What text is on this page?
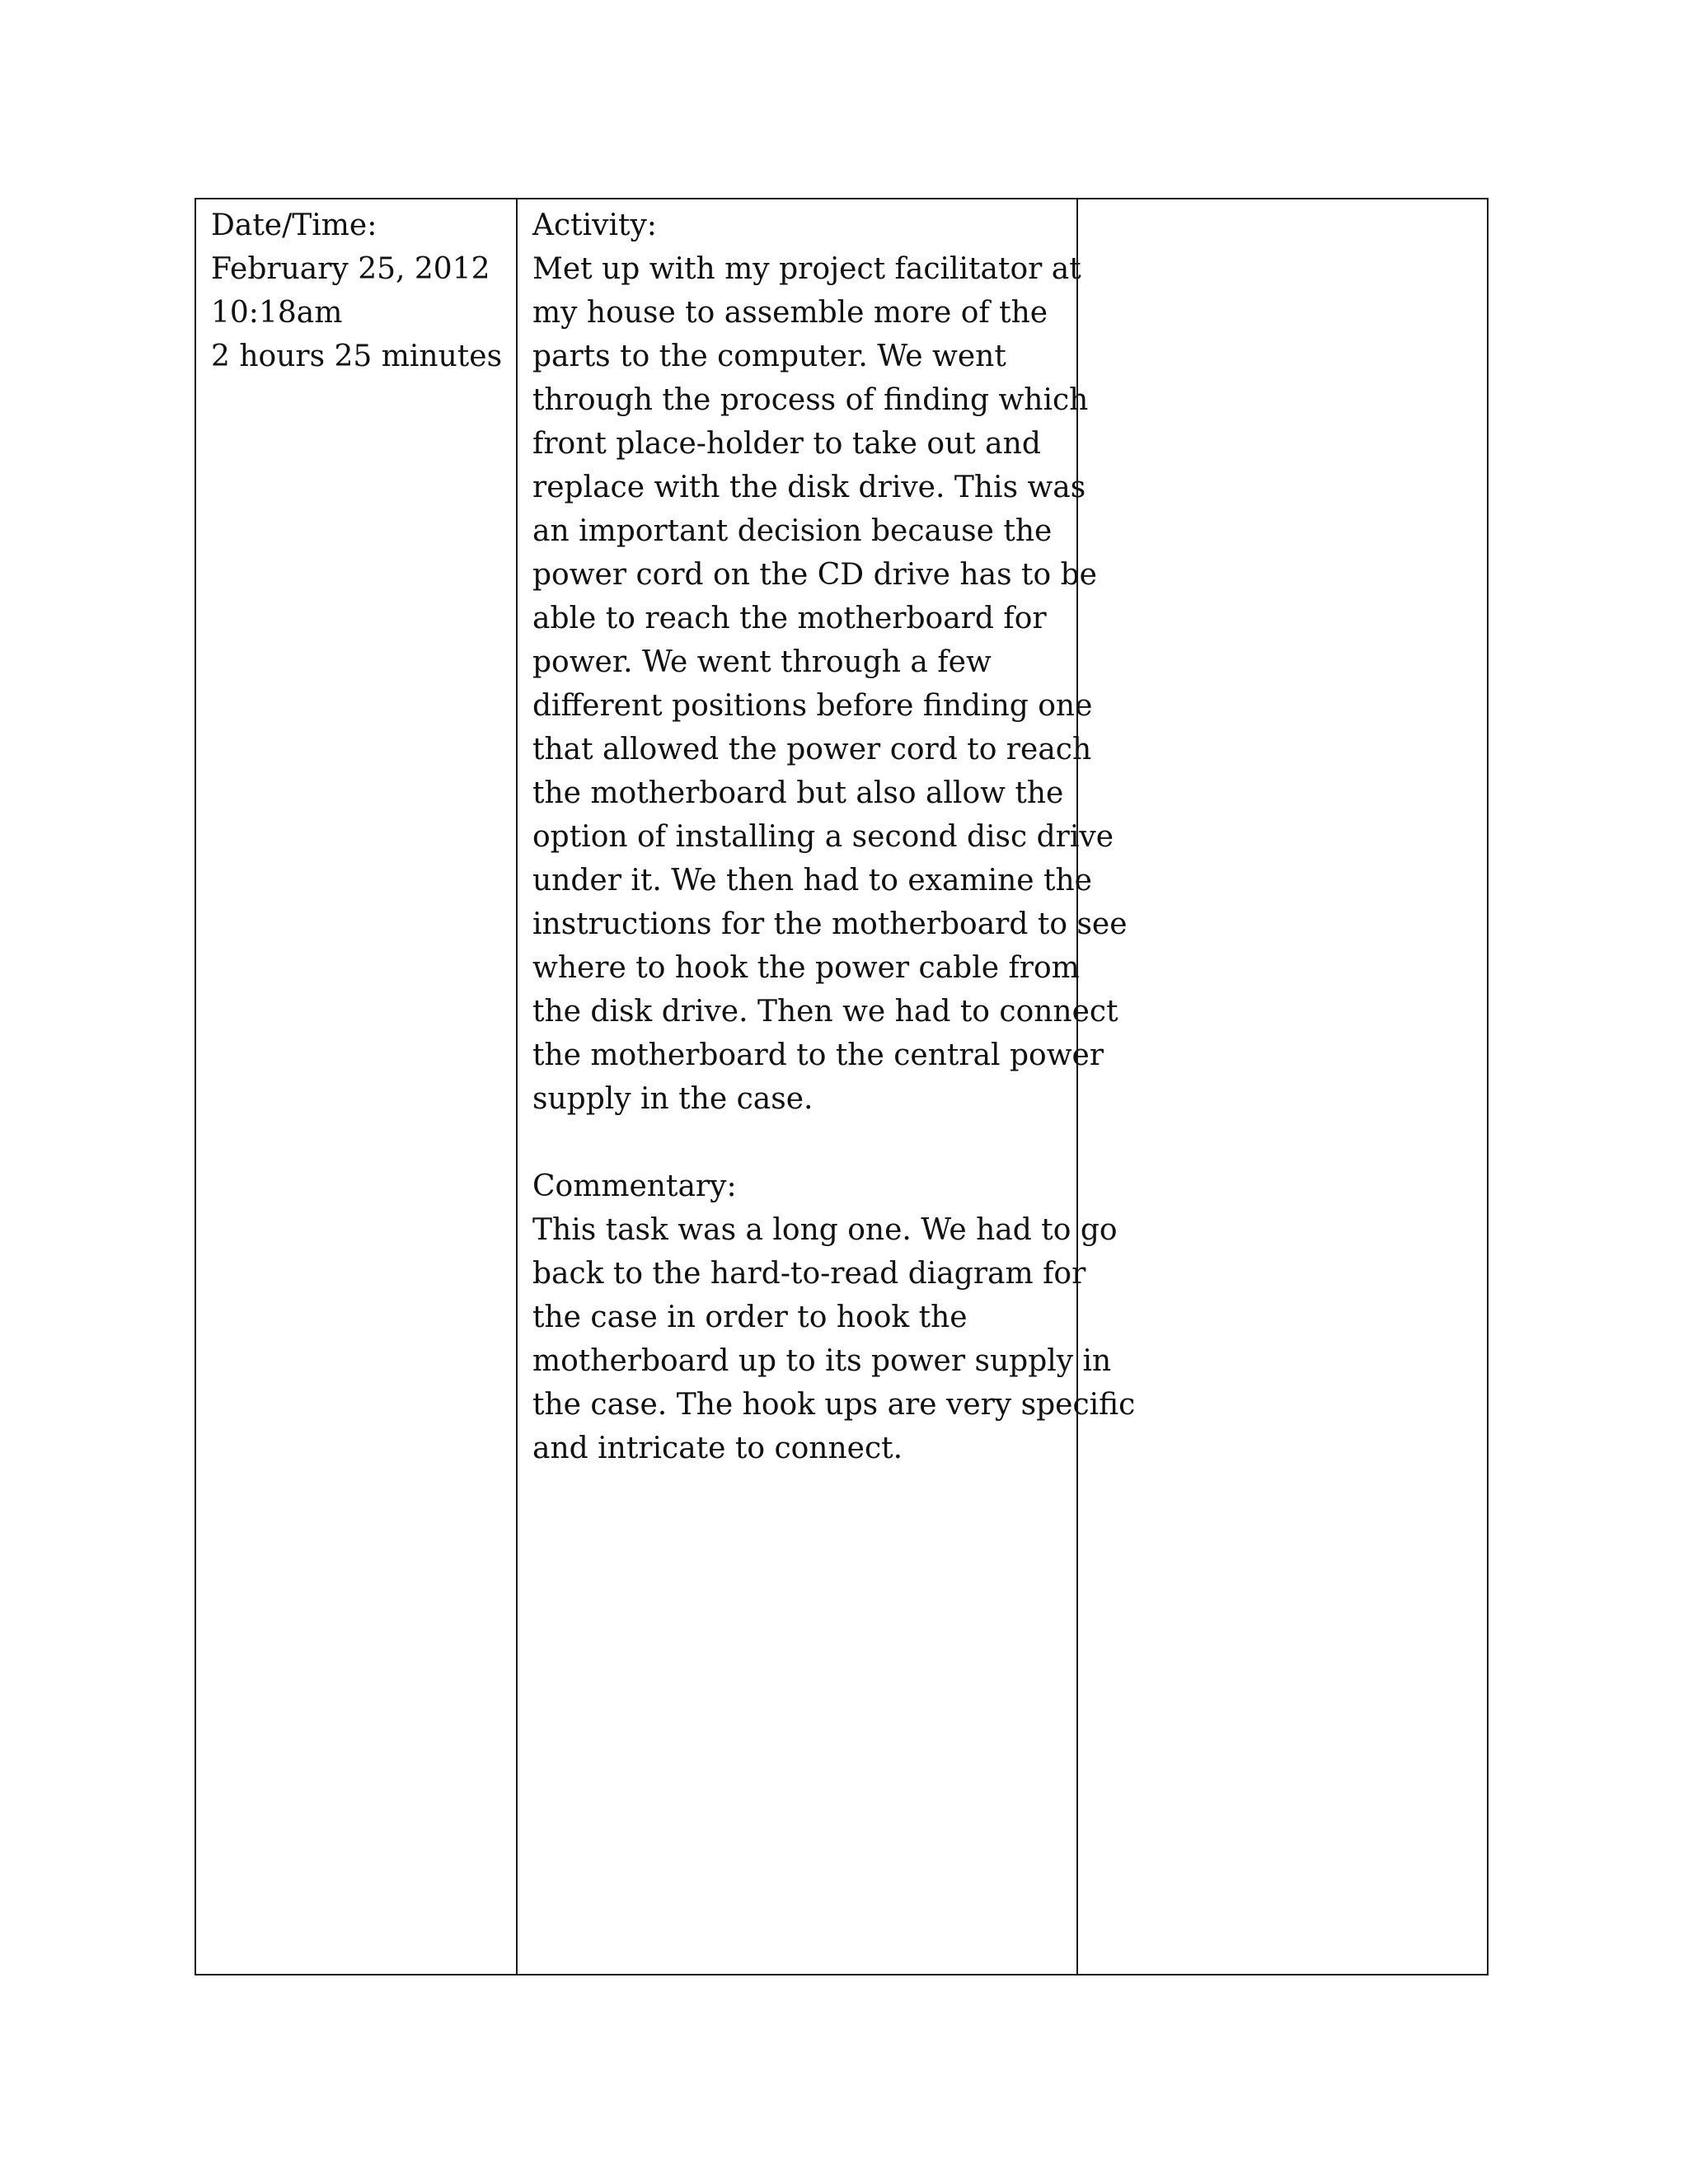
Date/Time:
February 25, 2012
10:18am
2 hours 25 minutes

Activity:
Met up with my project facilitator at
my house to assemble more of the
parts to the computer. We went
through the process of finding which
front place-holder to take out and
replace with the disk drive. This was
an important decision because the
power cord on the CD drive has to be
able to reach the motherboard for
power. We went through a few
different positions before finding one
that allowed the power cord to reach
the motherboard but also allow the
option of installing a second disc drive
under it. We then had to examine the
instructions for the motherboard to see
where to hook the power cable from
the disk drive. Then we had to connect
the motherboard to the central power
supply in the case.
Commentary:
This task was a long one. We had to go
back to the hard-to-read diagram for
the case in order to hook the
motherboard up to its power supply in
the case. The hook ups are very specific
and intricate to connect.
